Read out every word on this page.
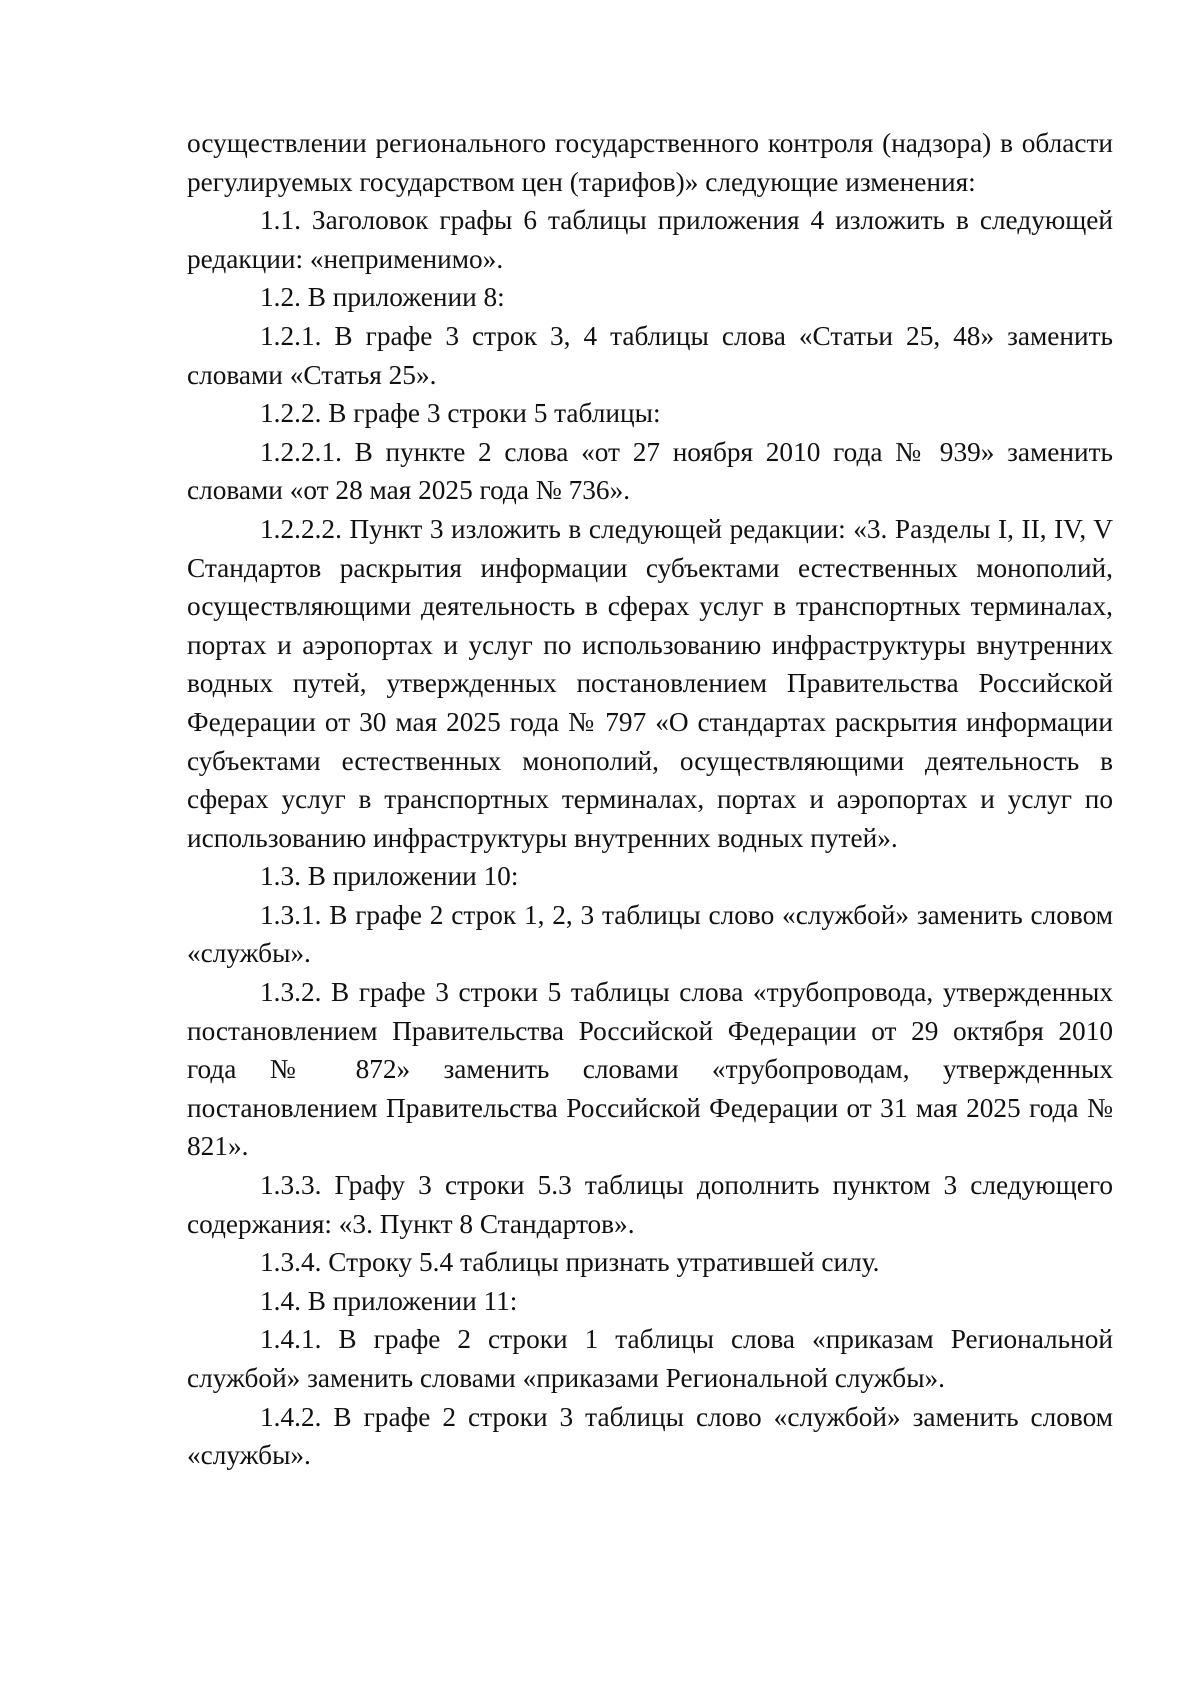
осуществлении регионального государственного контроля (надзора) в области регулируемых государством цен (тарифов)» следующие изменения:

1.1. Заголовок графы 6 таблицы приложения 4 изложить в следующей редакции: «неприменимо».

1.2. В приложении 8:

1.2.1. В графе 3 строк 3, 4 таблицы слова «Статьи 25, 48» заменить словами «Статья 25».

1.2.2. В графе 3 строки 5 таблицы:

1.2.2.1. В пункте 2 слова «от 27 ноября 2010 года № 939» заменить словами «от 28 мая 2025 года № 736».

1.2.2.2. Пункт 3 изложить в следующей редакции: «3. Разделы I, II, IV, V Стандартов раскрытия информации субъектами естественных монополий, осуществляющими деятельность в сферах услуг в транспортных терминалах, портах и аэропортах и услуг по использованию инфраструктуры внутренних водных путей, утвержденных постановлением Правительства Российской Федерации от 30 мая 2025 года № 797 «О стандартах раскрытия информации субъектами естественных монополий, осуществляющими деятельность в сферах услуг в транспортных терминалах, портах и аэропортах и услуг по использованию инфраструктуры внутренних водных путей».

1.3. В приложении 10:

1.3.1. В графе 2 строк 1, 2, 3 таблицы слово «службой» заменить словом «службы».

1.3.2. В графе 3 строки 5 таблицы слова «трубопровода, утвержденных постановлением Правительства Российской Федерации от 29 октября 2010 года № 872» заменить словами «трубопроводам, утвержденных постановлением Правительства Российской Федерации от 31 мая 2025 года № 821».

1.3.3. Графу 3 строки 5.3 таблицы дополнить пунктом 3 следующего содержания: «3. Пункт 8 Стандартов».

1.3.4. Строку 5.4 таблицы признать утратившей силу.

1.4. В приложении 11:

1.4.1. В графе 2 строки 1 таблицы слова «приказам Региональной службой» заменить словами «приказами Региональной службы».

1.4.2. В графе 2 строки 3 таблицы слово «службой» заменить словом «службы».
